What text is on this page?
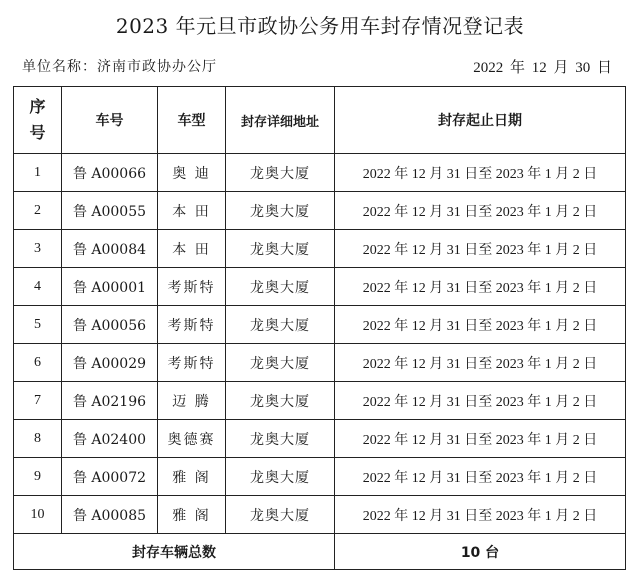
2023 年元旦市政协公务用车封存情况登记表
单位名称：济南市政协办公厅	2022 年 12 月 30 日
序
号	车号	车型	封存详细地址	封存起止日期
1	鲁 A00066	奥 迪	龙奥大厦	2022 年 12 月 31 日至 2023 年 1 月 2 日
2	鲁 A00055	本 田	龙奥大厦	2022 年 12 月 31 日至 2023 年 1 月 2 日
3	鲁 A00084	本 田	龙奥大厦	2022 年 12 月 31 日至 2023 年 1 月 2 日
4	鲁 A00001	考斯特	龙奥大厦	2022 年 12 月 31 日至 2023 年 1 月 2 日
5	鲁 A00056	考斯特	龙奥大厦	2022 年 12 月 31 日至 2023 年 1 月 2 日
6	鲁 A00029	考斯特	龙奥大厦	2022 年 12 月 31 日至 2023 年 1 月 2 日
7	鲁 A02196	迈 腾	龙奥大厦	2022 年 12 月 31 日至 2023 年 1 月 2 日
8	鲁 A02400	奥德赛	龙奥大厦	2022 年 12 月 31 日至 2023 年 1 月 2 日
9	鲁 A00072	雅 阁	龙奥大厦	2022 年 12 月 31 日至 2023 年 1 月 2 日
10	鲁 A00085	雅 阁	龙奥大厦	2022 年 12 月 31 日至 2023 年 1 月 2 日
封存车辆总数				10 台
